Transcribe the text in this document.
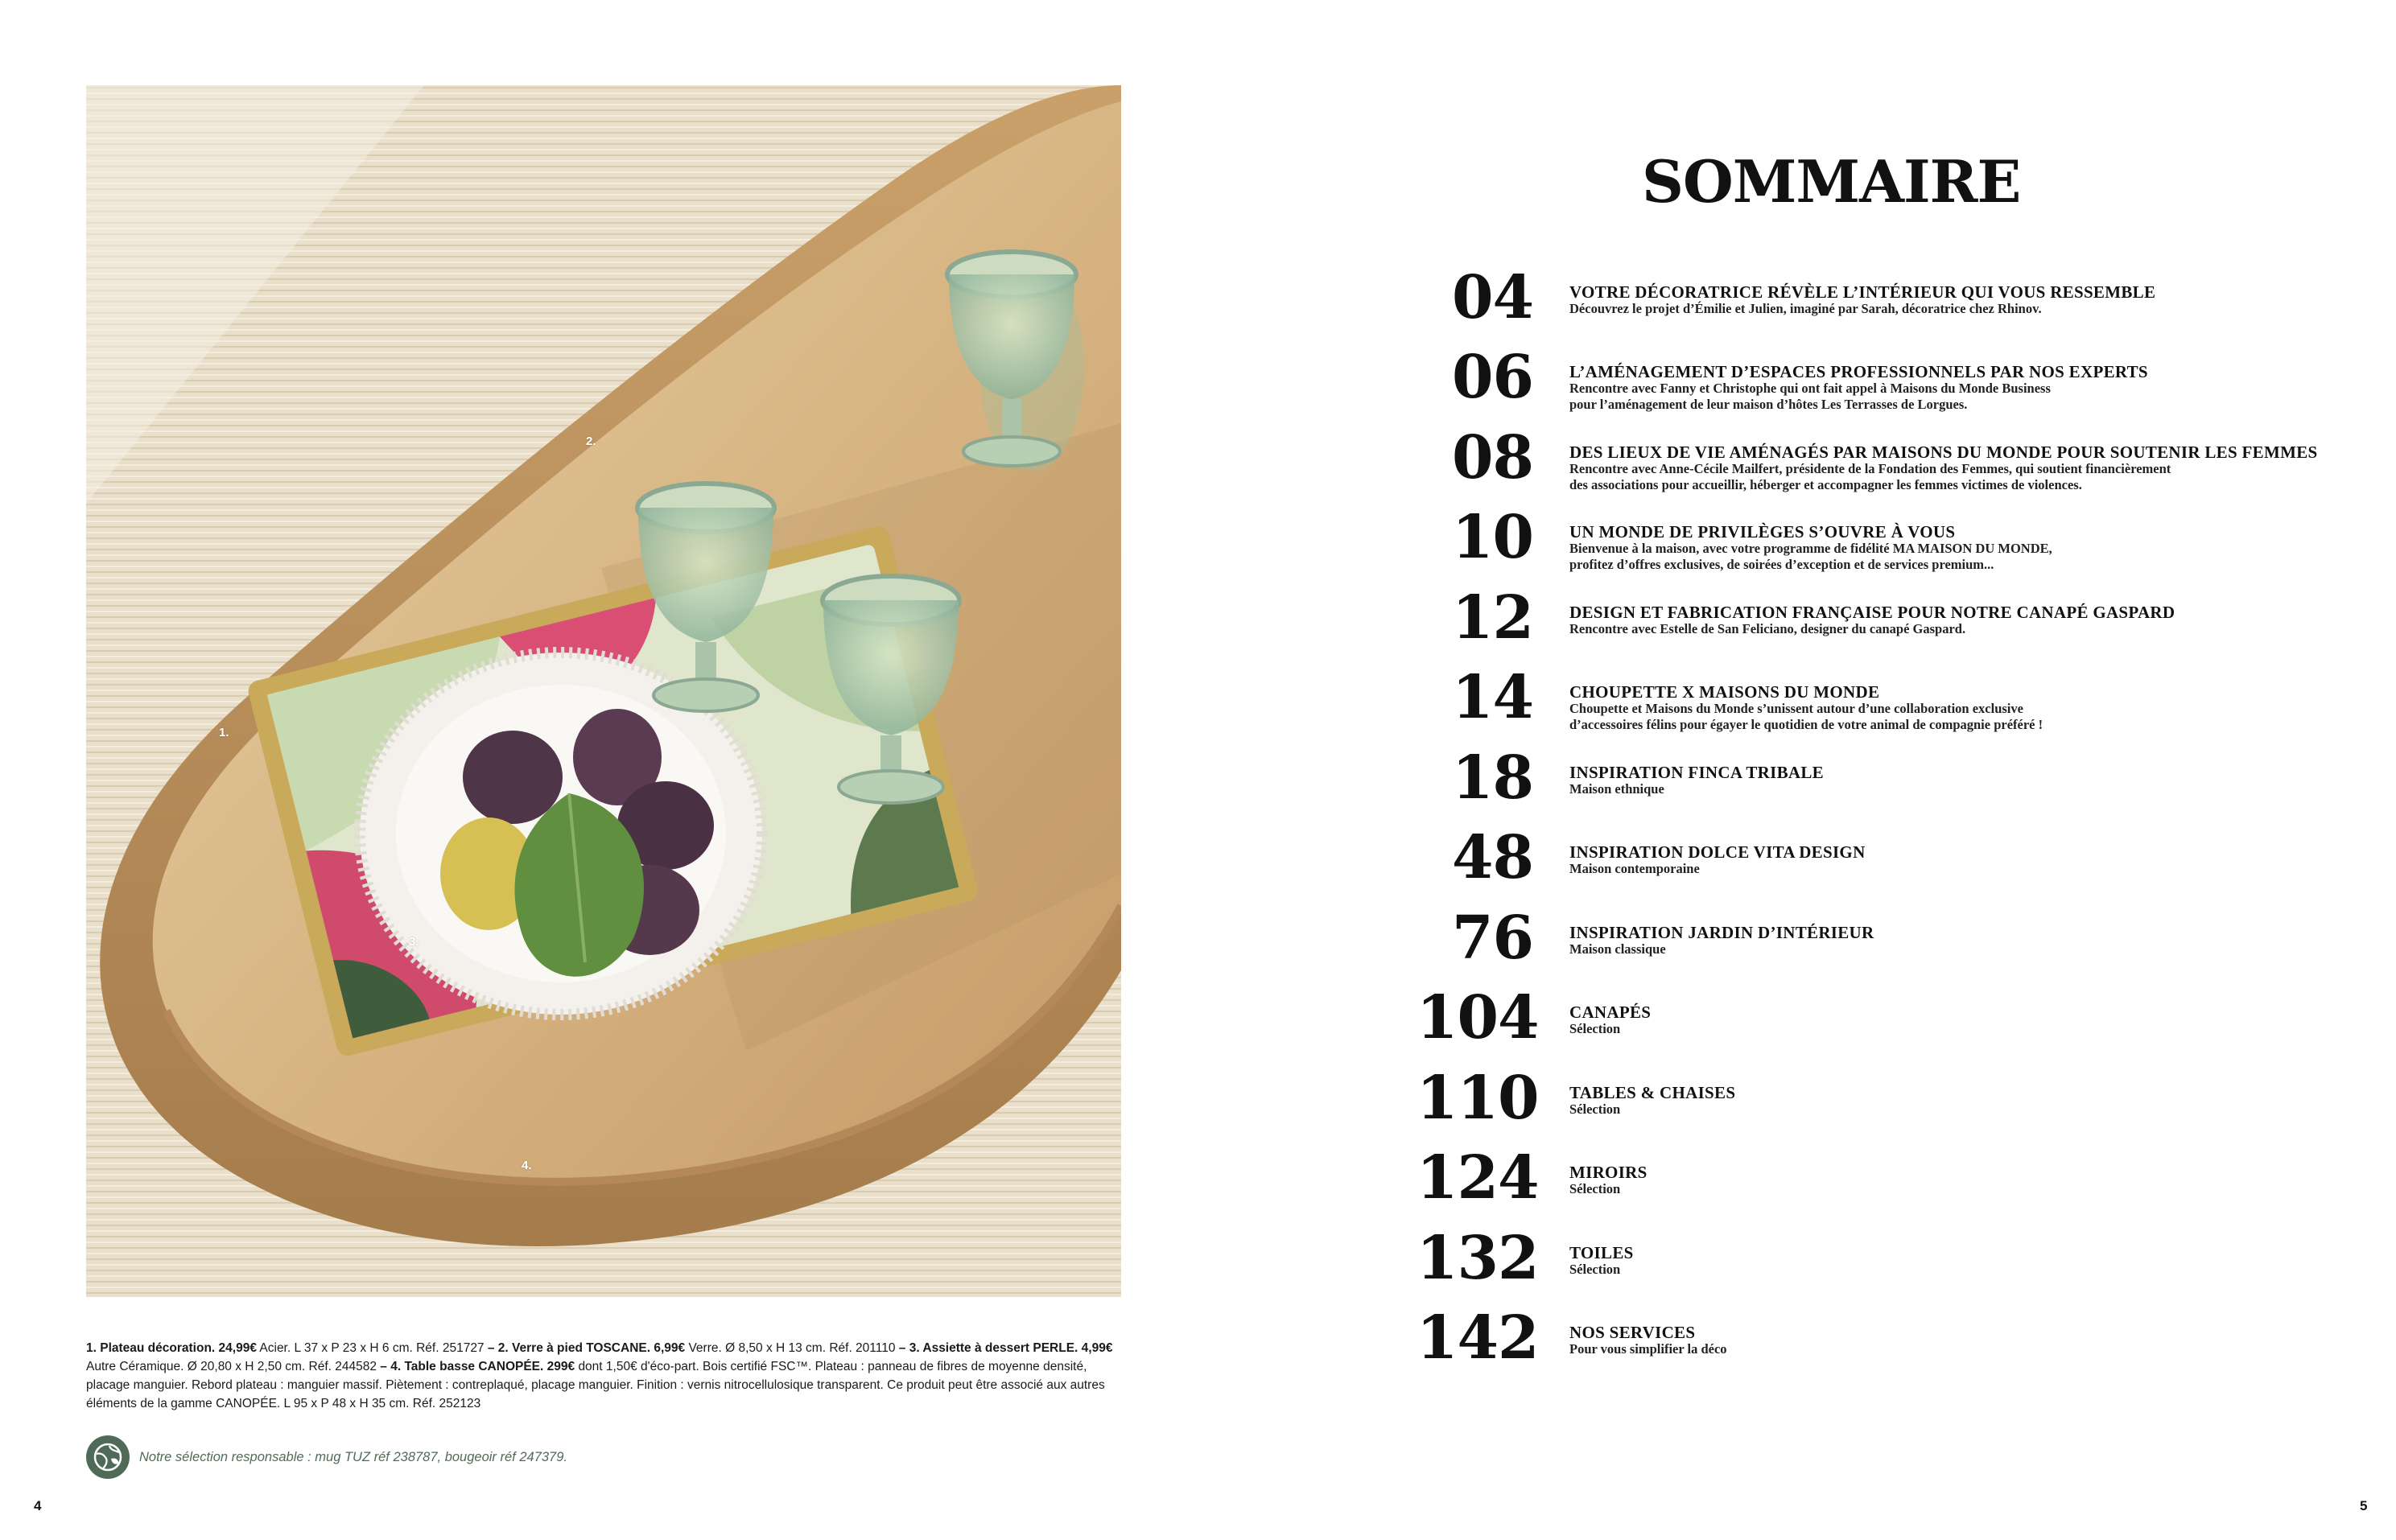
1.
2.
3.
4.
1. Plateau décoration. 24,99€ Acier. L 37 x P 23 x H 6 cm. Réf. 251727 – 2. Verre à pied TOSCANE. 6,99€ Verre. Ø 8,50 x H 13 cm. Réf. 201110 – 3. Assiette à dessert PERLE. 4,99€ Autre Céramique. Ø 20,80 x H 2,50 cm. Réf. 244582 – 4. Table basse CANOPÉE. 299€ dont 1,50€ d'éco-part. Bois certifié FSC™. Plateau : panneau de fibres de moyenne densité, placage manguier. Rebord plateau : manguier massif. Piètement : contreplaqué, placage manguier. Finition : vernis nitrocellulosique transparent. Ce produit peut être associé aux autres éléments de la gamme CANOPÉE. L 95 x P 48 x H 35 cm. Réf. 252123
Notre sélection responsable : mug TUZ réf 238787, bougeoir réf 247379.
4
SOMMAIRE
04 VOTRE DÉCORATRICE RÉVÈLE L’INTÉRIEUR QUI VOUS RESSEMBLE
Découvrez le projet d’Émilie et Julien, imaginé par Sarah, décoratrice chez Rhinov.
06 L’AMÉNAGEMENT D’ESPACES PROFESSIONNELS PAR NOS EXPERTS
Rencontre avec Fanny et Christophe qui ont fait appel à Maisons du Monde Business
pour l’aménagement de leur maison d’hôtes Les Terrasses de Lorgues.
08 DES LIEUX DE VIE AMÉNAGÉS PAR MAISONS DU MONDE POUR SOUTENIR LES FEMMES
Rencontre avec Anne-Cécile Mailfert, présidente de la Fondation des Femmes, qui soutient financièrement
des associations pour accueillir, héberger et accompagner les femmes victimes de violences.
10 UN MONDE DE PRIVILÈGES S’OUVRE À VOUS
Bienvenue à la maison, avec votre programme de fidélité MA MAISON DU MONDE,
profitez d’offres exclusives, de soirées d’exception et de services premium...
12 DESIGN ET FABRICATION FRANÇAISE POUR NOTRE CANAPÉ GASPARD
Rencontre avec Estelle de San Feliciano, designer du canapé Gaspard.
14 CHOUPETTE X MAISONS DU MONDE
Choupette et Maisons du Monde s’unissent autour d’une collaboration exclusive
d’accessoires félins pour égayer le quotidien de votre animal de compagnie préféré !
18 INSPIRATION FINCA TRIBALE
Maison ethnique
48 INSPIRATION DOLCE VITA DESIGN
Maison contemporaine
76 INSPIRATION JARDIN D’INTÉRIEUR
Maison classique
104 CANAPÉS
Sélection
110 TABLES & CHAISES
Sélection
124 MIROIRS
Sélection
132 TOILES
Sélection
142 NOS SERVICES
Pour vous simplifier la déco
5
